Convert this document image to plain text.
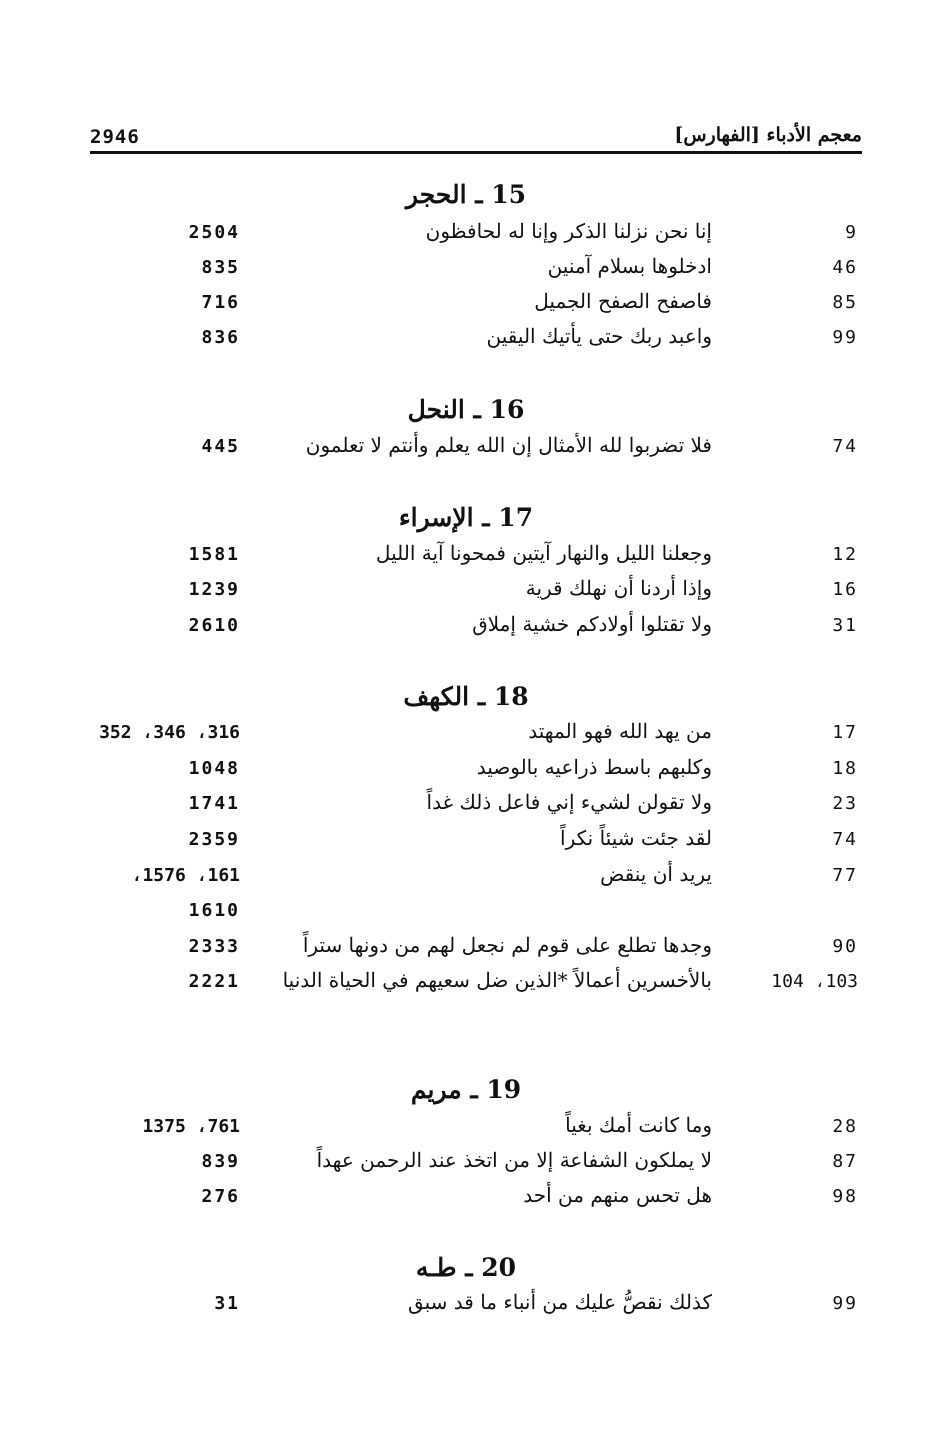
2946	معجم الأدباء [الفهارس]
15 ـ الحجر
9
إنا نحن نزلنا الذكر وإنا له لحافظون
2504
46
ادخلوها بسلام آمنين
835
85
فاصفح الصفح الجميل
716
99
واعبد ربك حتى يأتيك اليقين
836
16 ـ النحل
74
فلا تضربوا لله الأمثال إن الله يعلم وأنتم لا تعلمون
445
17 ـ الإسراء
12
وجعلنا الليل والنهار آيتين فمحونا آية الليل
1581
16
وإذا أردنا أن نهلك قرية
1239
31
ولا تقتلوا أولادكم خشية إملاق
2610
18 ـ الكهف
17
من يهد الله فهو المهتد
316، 346، 352
18
وكلبهم باسط ذراعيه بالوصيد
1048
23
ولا تقولن لشيء إني فاعل ذلك غداً
1741
74
لقد جئت شيئاً نكراً
2359
77
يريد أن ينقض
161، 1576،
1610
90
وجدها تطلع على قوم لم نجعل لهم من دونها ستراً
2333
103، 104
بالأخسرين أعمالاً *الذين ضل سعيهم في الحياة الدنيا
2221
19 ـ مريم
28
وما كانت أمك بغياً
761، 1375
87
لا يملكون الشفاعة إلا من اتخذ عند الرحمن عهداً
839
98
هل تحس منهم من أحد
276
20 ـ طـه
99
كذلك نقصُّ عليك من أنباء ما قد سبق
31
